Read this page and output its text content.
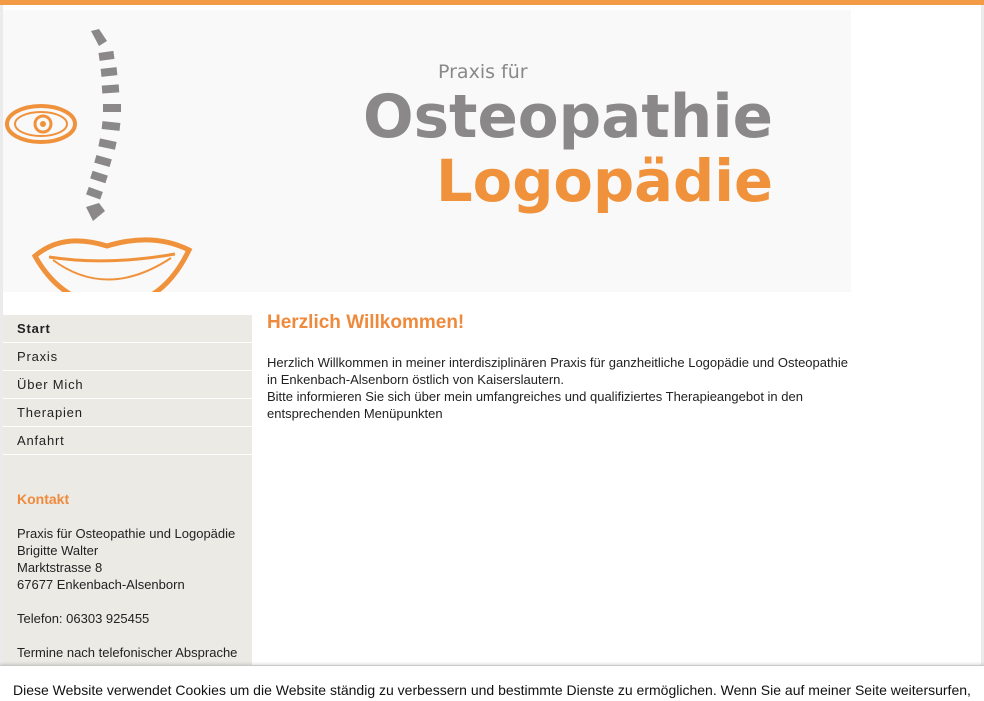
Praxis für
Osteopathie
Logopädie
Start
Praxis
Über Mich
Therapien
Anfahrt
Kontakt
Praxis für Osteopathie und Logopädie
Brigitte Walter
Marktstrasse 8
67677 Enkenbach-Alsenborn
Telefon: 06303 925455
Termine nach telefonischer Absprache
Herzlich Willkommen!
Herzlich Willkommen in meiner interdisziplinären Praxis für ganzheitliche Logopädie und Osteopathie
in Enkenbach-Alsenborn östlich von Kaiserslautern.
Bitte informieren Sie sich über mein umfangreiches und qualifiziertes Therapieangebot in den
entsprechenden Menüpunkten
Diese Website verwendet Cookies um die Website ständig zu verbessern und bestimmte Dienste zu ermöglichen. Wenn Sie auf meiner Seite weitersurfen,
